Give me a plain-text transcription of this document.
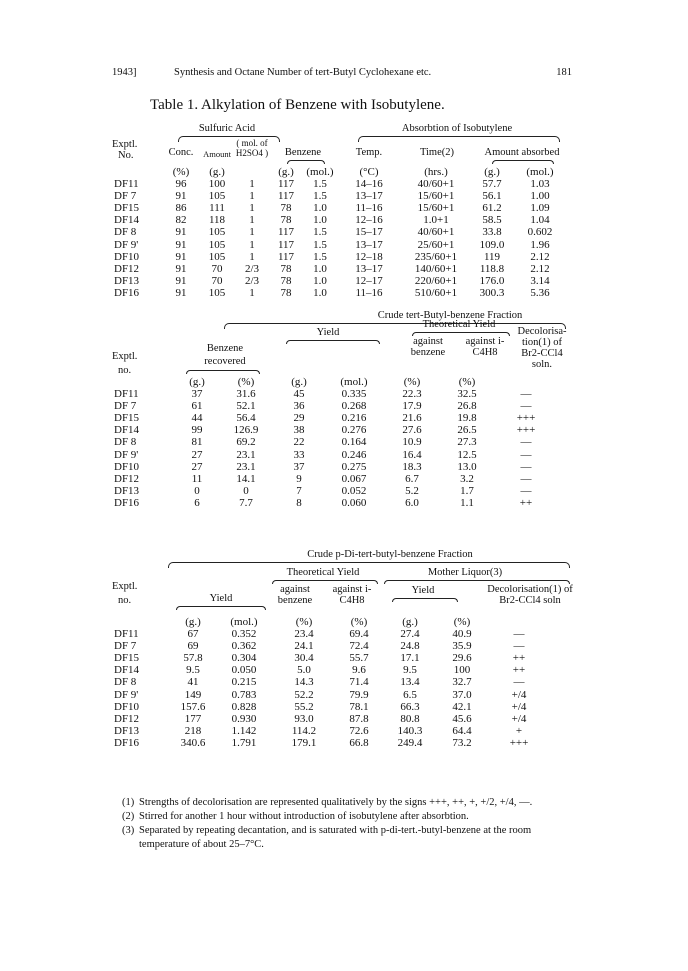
1943]	Synthesis and Octane Number of tert-Butyl Cyclohexane etc.	181
Table 1. Alkylation of Benzene with Isobutylene.
Sulfuric Acid	Absorbtion of Isobutylene
Exptl.
No.	Conc.	Amount
( mol. of H2SO4 )	Benzene	Temp.	Time(2)	Amount absorbed
	(%)	(g.)		(g.)	(mol.)	(°C)	(hrs.)	(g.)	(mol.)
DF11	96	100	1	117	1.5	14–16	40/60+1	57.7	1.03
DF 7	91	105	1	117	1.5	13–17	15/60+1	56.1	1.00
DF15	86	111	1	78	1.0	11–16	15/60+1	61.2	1.09
DF14	82	118	1	78	1.0	12–16	1.0+1	58.5	1.04
DF 8	91	105	1	117	1.5	15–17	40/60+1	33.8	0.602
DF 9'	91	105	1	117	1.5	13–17	25/60+1	109.0	1.96
DF10	91	105	1	117	1.5	12–18	235/60+1	119	2.12
DF12	91	70	2/3	78	1.0	13–17	140/60+1	118.8	2.12
DF13	91	70	2/3	78	1.0	12–17	220/60+1	176.0	3.14
DF16	91	105	1	78	1.0	11–16	510/60+1	300.3	5.36
Crude tert-Butyl-benzene Fraction
Exptl.
no.
Benzene recovered
Yield
Theoretical Yield
against benzene
against i-C4H8
Decolorisa- tion(1) of Br2-CCl4 soln.
	(g.)	(%)	(g.)	(mol.)	(%)	(%)	
DF11	37	31.6	45	0.335	22.3	32.5	—
DF 7	61	52.1	36	0.268	17.9	26.8	—
DF15	44	56.4	29	0.216	21.6	19.8	+++
DF14	99	126.9	38	0.276	27.6	26.5	+++
DF 8	81	69.2	22	0.164	10.9	27.3	—
DF 9'	27	23.1	33	0.246	16.4	12.5	—
DF10	27	23.1	37	0.275	18.3	13.0	—
DF12	11	14.1	9	0.067	6.7	3.2	—
DF13	0	0	7	0.052	5.2	1.7	—
DF16	6	7.7	8	0.060	6.0	1.1	++
Crude p-Di-tert-butyl-benzene Fraction
Exptl.
no.	Yield
Theoretical Yield
against benzene
against i-C4H8
Mother Liquor(3)
Yield	Decolorisation(1) of Br2-CCl4 soln
	(g.)	(mol.)	(%)	(%)	(g.)	(%)	
DF11	67	0.352	23.4	69.4	27.4	40.9	—
DF 7	69	0.362	24.1	72.4	24.8	35.9	—
DF15	57.8	0.304	30.4	55.7	17.1	29.6	++
DF14	9.5	0.050	5.0	9.6	9.5	100	++
DF 8	41	0.215	14.3	71.4	13.4	32.7	—
DF 9'	149	0.783	52.2	79.9	6.5	37.0	+/4
DF10	157.6	0.828	55.2	78.1	66.3	42.1	+/4
DF12	177	0.930	93.0	87.8	80.8	45.6	+/4
DF13	218	1.142	114.2	72.6	140.3	64.4	+
DF16	340.6	1.791	179.1	66.8	249.4	73.2	+++
(1) Strengths of decolorisation are represented qualitatively by the signs +++, ++, +, +/2, +/4, —.
(2) Stirred for another 1 hour without introduction of isobutylene after absorbtion.
(3) Separated by repeating decantation, and is saturated with p-di-tert.-butyl-benzene at the room temperature of about 25–7°C.
